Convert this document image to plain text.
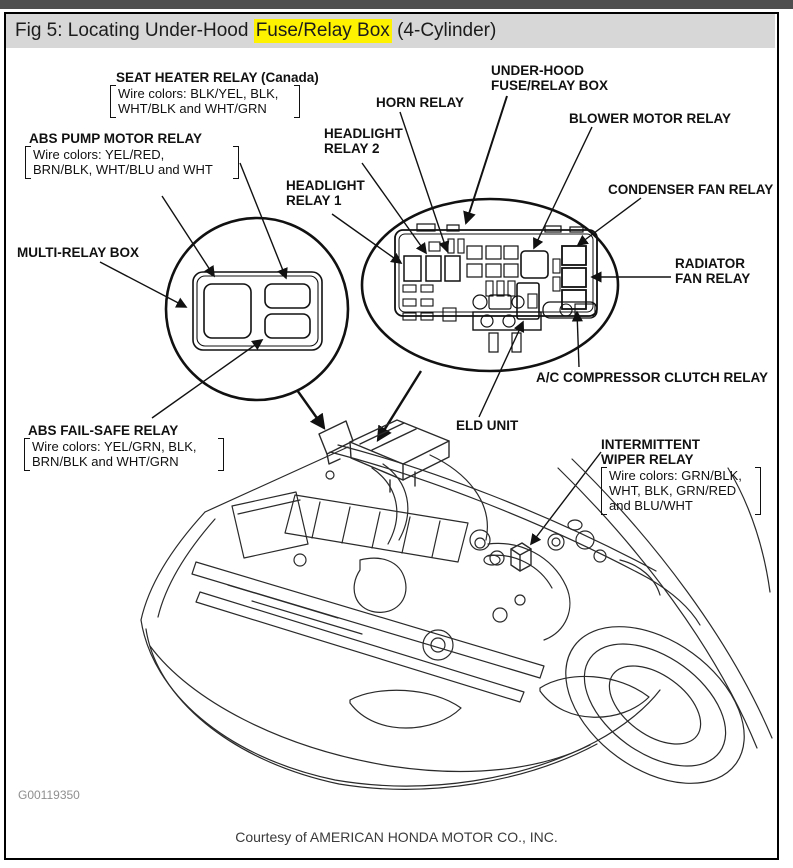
Fig 5: Locating Under-Hood Fuse/Relay Box (4-Cylinder)
SEAT HEATER RELAY (Canada)
Wire colors: BLK/YEL, BLK,
WHT/BLK and WHT/GRN
ABS PUMP MOTOR RELAY
Wire colors: YEL/RED,
BRN/BLK, WHT/BLU and WHT
MULTI-RELAY BOX
HEADLIGHT
RELAY 1
HEADLIGHT
RELAY 2
HORN RELAY
UNDER-HOOD
FUSE/RELAY BOX
BLOWER MOTOR RELAY
CONDENSER FAN RELAY
RADIATOR
FAN RELAY
A/C COMPRESSOR CLUTCH RELAY
ELD UNIT
ABS FAIL-SAFE RELAY
Wire colors: YEL/GRN, BLK,
BRN/BLK and WHT/GRN
INTERMITTENT
WIPER RELAY
Wire colors: GRN/BLK,
WHT, BLK, GRN/RED
and BLU/WHT
G00119350
Courtesy of AMERICAN HONDA MOTOR CO., INC.
